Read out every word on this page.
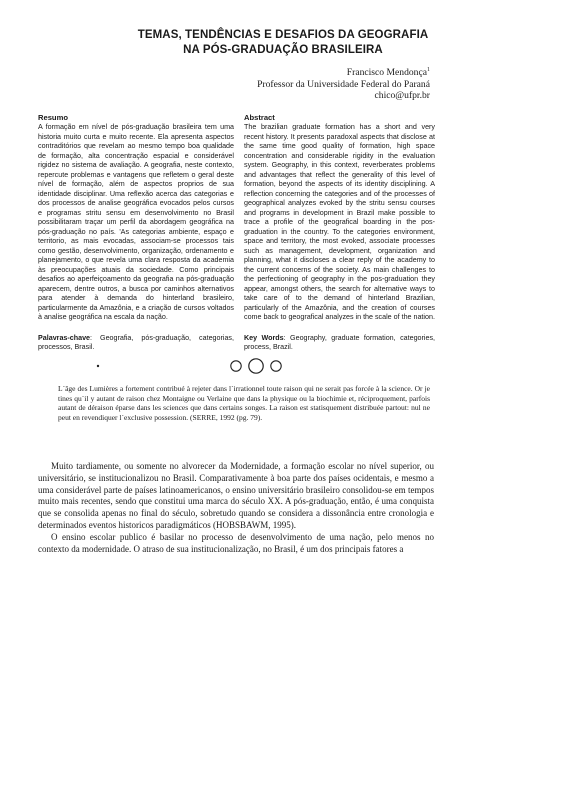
TEMAS, TENDÊNCIAS E DESAFIOS DA GEOGRAFIA
NA PÓS-GRADUAÇÃO BRASILEIRA
Francisco Mendonça$^1$
Professor da Universidade Federal do Paraná
chico@ufpr.br
Resumo

A formação em nível de pós-graduação brasileira tem uma historia muito curta e muito recente. Ela apresenta aspectos contraditórios que revelam ao mesmo tempo boa qualidade de formação, alta concentração espacial e considerável rigidez no sistema de avaliação. A geografia, neste contexto, repercute problemas e vantagens que refletem o geral deste nível de formação, além de aspectos proprios de sua identidade disciplinar. Uma reflexão acerca das categorias e dos processos de analise geográfica evocados pelos cursos e programas stritu sensu em desenvolvimento no Brasil possibilitaram traçar um perfil da abordagem geográfica na pós-graduação no país. 'As categorias ambiente, espaço e territorio, as mais evocadas, associam-se processos tais como gestão, desenvolvimento, organização, ordenamento e planejamento, o que revela uma clara resposta da academia às preocupações atuais da sociedade. Como principais desafios ao aperfeiçoamento da geografia na pós-graduação aparecem, dentre outros, a busca por caminhos alternativos para atender à demanda do hinterland brasileiro, particularmente da Amazônia, e a criação de cursos voltados à analise geográfica na escala da nação.

Palavras-chave: Geografia, pós-graduação, categorias, processos, Brasil.

Abstract

The brazilian graduate formation has a short and very recent history. It presents paradoxal aspects that disclose at the same time good quality of formation, high space concentration and considerable rigidity in the evaluation system. Geography, in this context, reverberates problems and advantages that reflect the generality of this level of formation, beyond the aspects of its identity disciplining. A reflection concerning the categories and of the processes of geographical analyzes evoked by the stritu sensu courses and programs in development in Brazil make possible to trace a profile of the geografical boarding in the pos-graduation in the country. To the categories environment, space and territory, the most evoked, associate processes such as management, development, organization and planning, what it discloses a clear reply of the academy to the current concerns of the society. As main challenges to the perfectioning of geography in the pos-graduation they appear, amongst others, the search for alternative ways to take care of to the demand of hinterland Brazilian, particularly of the Amazônia, and the creation of courses come back to geografical analyzes in the scale of the nation.

Key Words: Geography, graduate formation, categories, process, Brazil.

L´âge des Lumières a fortement contribué à rejeter dans l´irrationnel toute raison qui ne serait pas forcée à la science. Or je tines qu´il y autant de raison chez Montaigne ou Verlaine que dans la physique ou la biochimie et, réciproquement, parfois autant de déraison éparse dans les sciences que dans certains songes. La raison est statisquement distribuée partout: nul ne peut en revendiquer l´exclusive possession. (SERRE, 1992 (pg. 79).

Muito tardiamente, ou somente no alvorecer da Modernidade, a formação escolar no nível superior, ou universitário, se institucionalizou no Brasil. Comparativamente à boa parte dos países ocidentais, e mesmo a uma considerável parte de países latinoamericanos, o ensino universitário brasileiro consolidou-se em tempos muito mais recentes, sendo que constitui uma marca do século XX. A pós-graduação, então, é uma conquista que se consolida apenas no final do século, sobretudo quando se considera a dissonância entre cronologia e determinados eventos historicos paradigmáticos (HOBSBAWM, 1995).

O ensino escolar publico é basilar no processo de desenvolvimento de uma nação, pelo menos no contexto da modernidade. O atraso de sua institucionalização, no Brasil, é um dos principais fatores a
